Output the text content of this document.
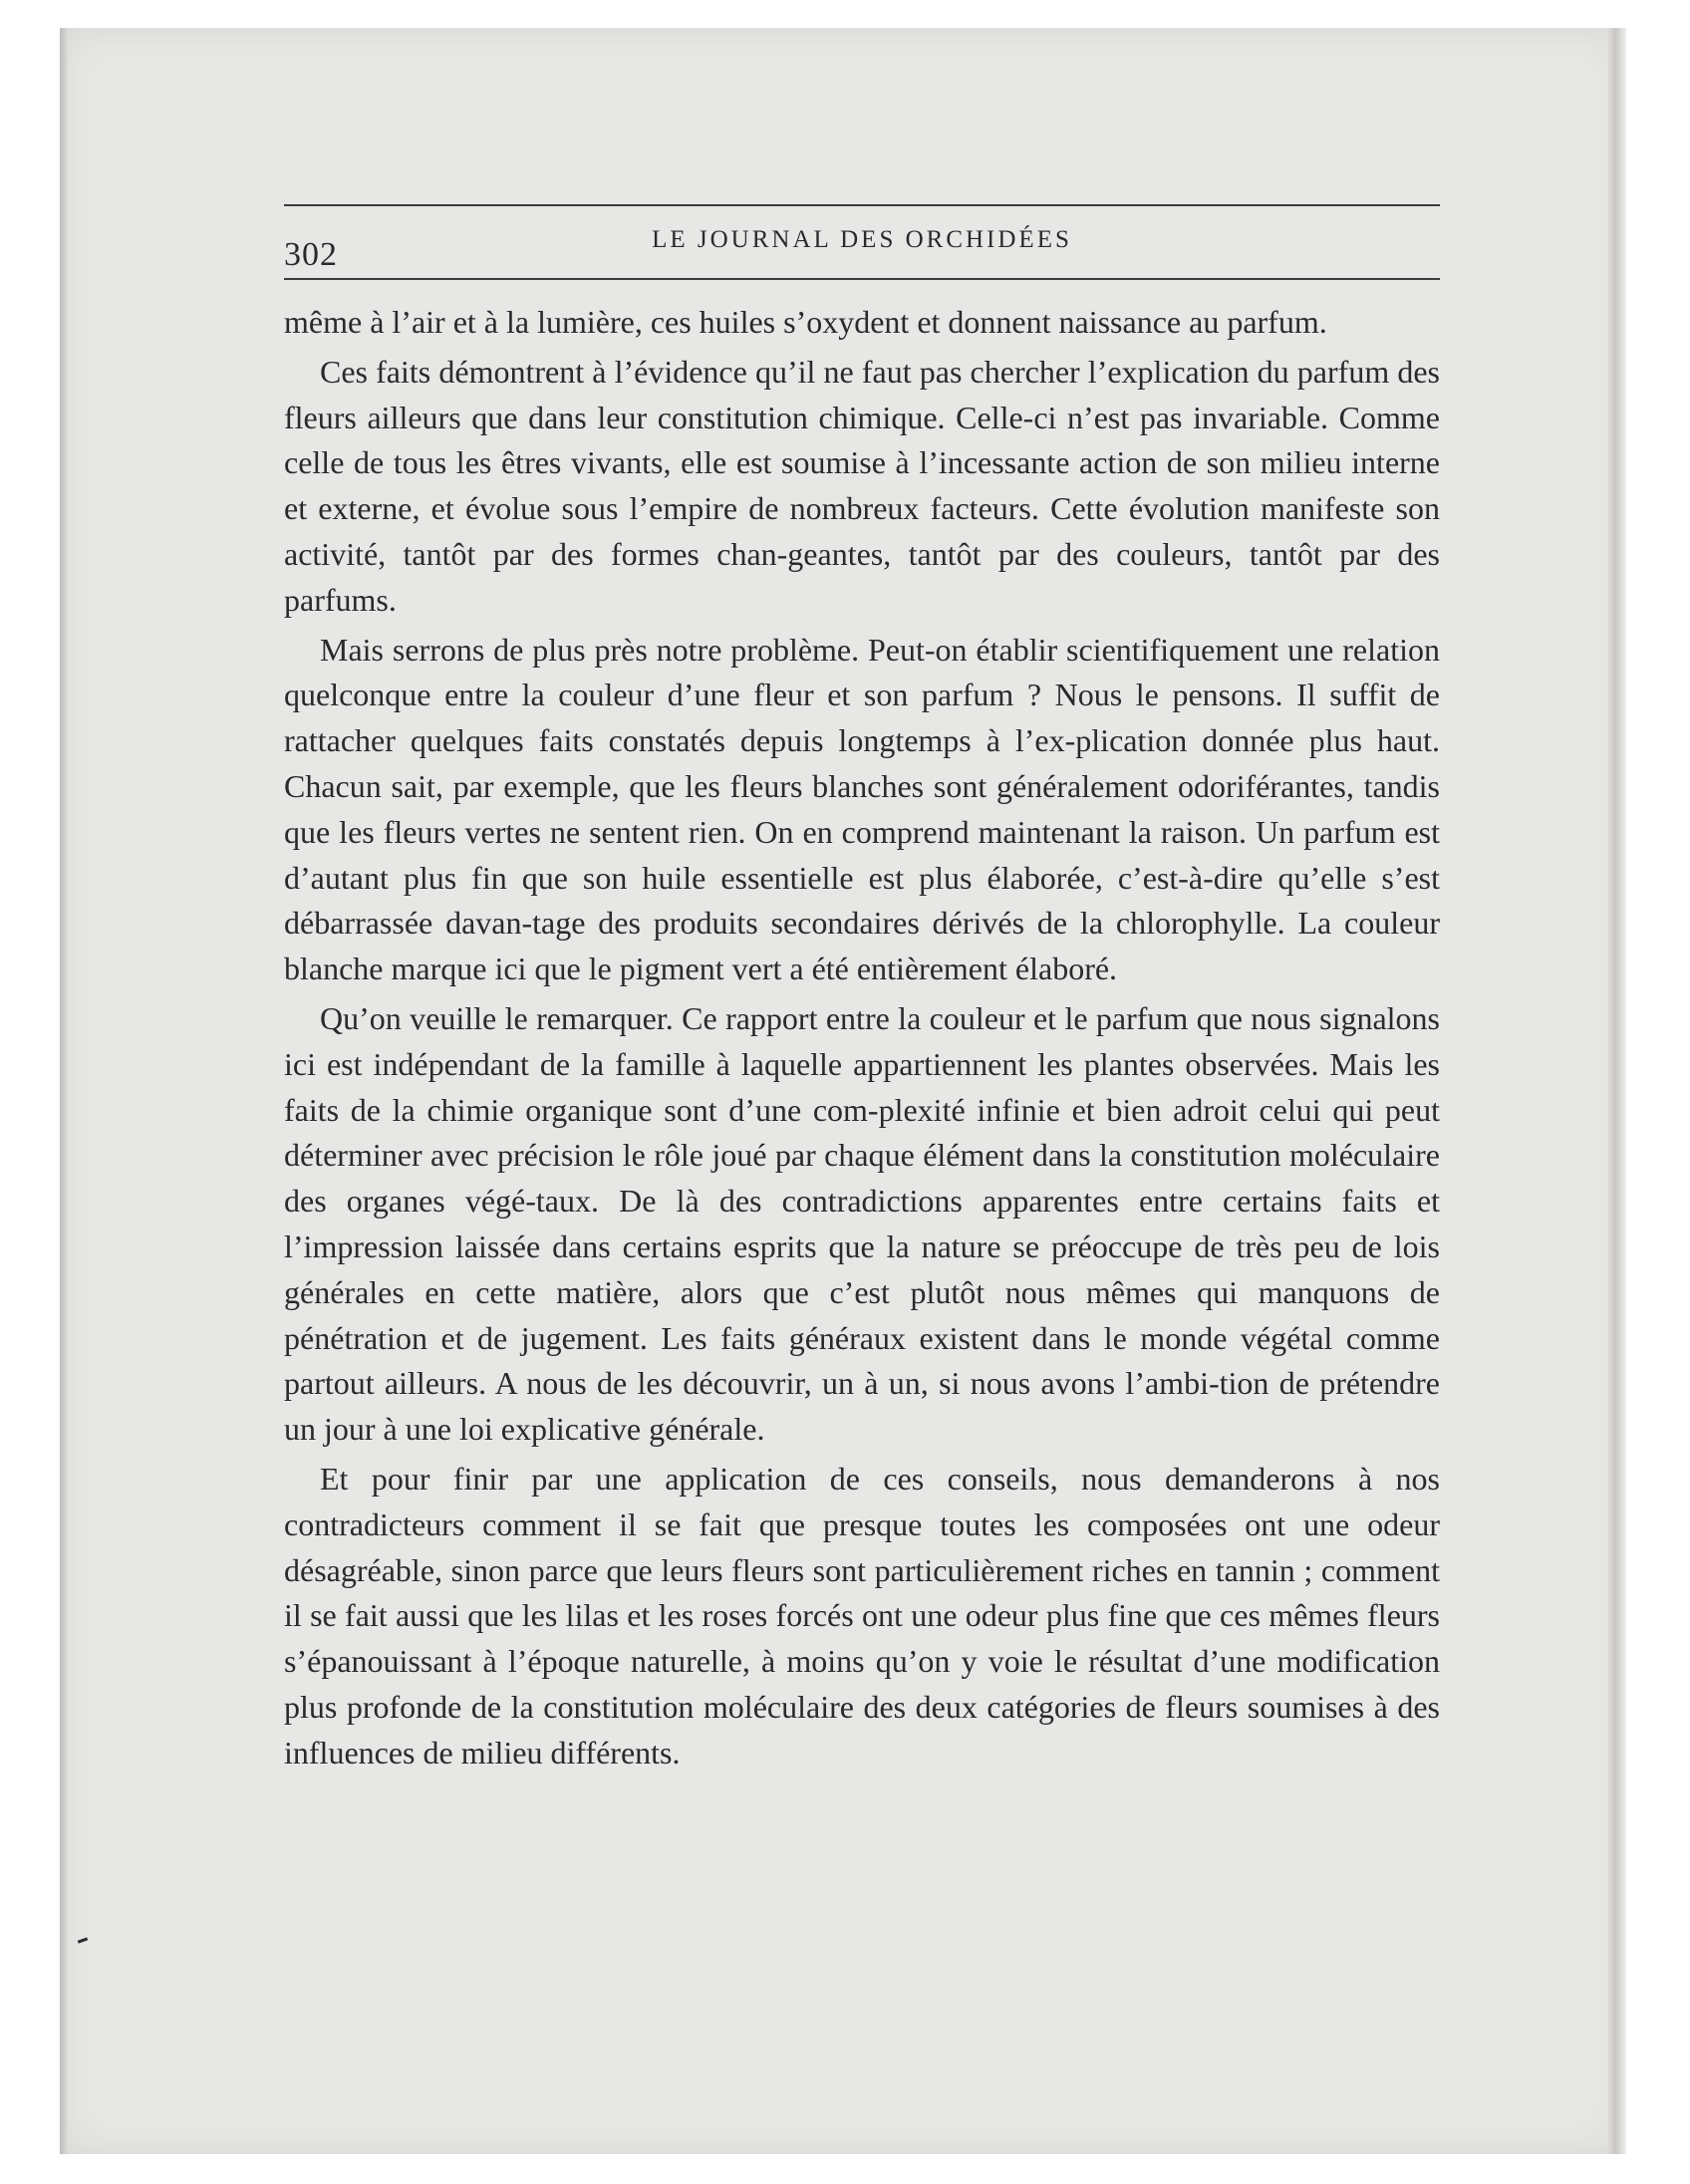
302	LE JOURNAL DES ORCHIDÉES

même à l’air et à la lumière, ces huiles s’oxydent et donnent naissance au parfum.

Ces faits démontrent à l’évidence qu’il ne faut pas chercher l’explication du parfum des fleurs ailleurs que dans leur constitution chimique. Celle-ci n’est pas invariable. Comme celle de tous les êtres vivants, elle est soumise à l’incessante action de son milieu interne et externe, et évolue sous l’empire de nombreux facteurs. Cette évolution manifeste son activité, tantôt par des formes chan-geantes, tantôt par des couleurs, tantôt par des parfums.

Mais serrons de plus près notre problème. Peut-on établir scientifiquement une relation quelconque entre la couleur d’une fleur et son parfum ? Nous le pensons. Il suffit de rattacher quelques faits constatés depuis longtemps à l’ex-plication donnée plus haut. Chacun sait, par exemple, que les fleurs blanches sont généralement odoriférantes, tandis que les fleurs vertes ne sentent rien. On en comprend maintenant la raison. Un parfum est d’autant plus fin que son huile essentielle est plus élaborée, c’est-à-dire qu’elle s’est débarrassée davan-tage des produits secondaires dérivés de la chlorophylle. La couleur blanche marque ici que le pigment vert a été entièrement élaboré.

Qu’on veuille le remarquer. Ce rapport entre la couleur et le parfum que nous signalons ici est indépendant de la famille à laquelle appartiennent les plantes observées. Mais les faits de la chimie organique sont d’une com-plexité infinie et bien adroit celui qui peut déterminer avec précision le rôle joué par chaque élément dans la constitution moléculaire des organes végé-taux. De là des contradictions apparentes entre certains faits et l’impression laissée dans certains esprits que la nature se préoccupe de très peu de lois générales en cette matière, alors que c’est plutôt nous mêmes qui manquons de pénétration et de jugement. Les faits généraux existent dans le monde végétal comme partout ailleurs. A nous de les découvrir, un à un, si nous avons l’ambi-tion de prétendre un jour à une loi explicative générale.

Et pour finir par une application de ces conseils, nous demanderons à nos contradicteurs comment il se fait que presque toutes les composées ont une odeur désagréable, sinon parce que leurs fleurs sont particulièrement riches en tannin ; comment il se fait aussi que les lilas et les roses forcés ont une odeur plus fine que ces mêmes fleurs s’épanouissant à l’époque naturelle, à moins qu’on y voie le résultat d’une modification plus profonde de la constitution moléculaire des deux catégories de fleurs soumises à des influences de milieu différents.
